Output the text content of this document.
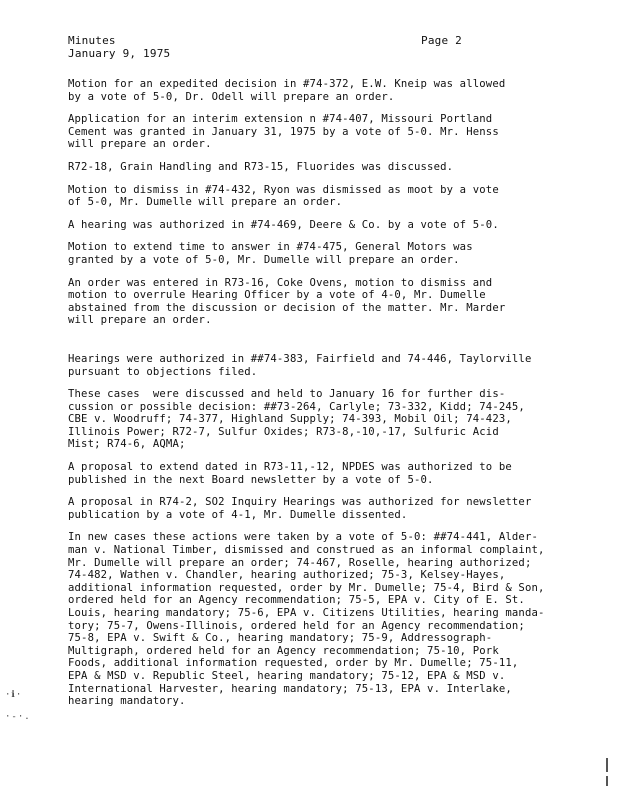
Minutes
January 9, 1975
Page 2

Motion for an expedited decision in #74-372, E.W. Kneip was allowed
by a vote of 5-0, Dr. Odell will prepare an order.

Application for an interim extension n #74-407, Missouri Portland
Cement was granted in January 31, 1975 by a vote of 5-0. Mr. Henss
will prepare an order.

R72-18, Grain Handling and R73-15, Fluorides was discussed.

Motion to dismiss in #74-432, Ryon was dismissed as moot by a vote
of 5-0, Mr. Dumelle will prepare an order.

A hearing was authorized in #74-469, Deere & Co. by a vote of 5-0.

Motion to extend time to answer in #74-475, General Motors was
granted by a vote of 5-0, Mr. Dumelle will prepare an order.

An order was entered in R73-16, Coke Ovens, motion to dismiss and
motion to overrule Hearing Officer by a vote of 4-0, Mr. Dumelle
abstained from the discussion or decision of the matter. Mr. Marder
will prepare an order.

Hearings were authorized in ##74-383, Fairfield and 74-446, Taylorville
pursuant to objections filed.

These cases  were discussed and held to January 16 for further dis-
cussion or possible decision: ##73-264, Carlyle; 73-332, Kidd; 74-245,
CBE v. Woodruff; 74-377, Highland Supply; 74-393, Mobil Oil; 74-423,
Illinois Power; R72-7, Sulfur Oxides; R73-8,-10,-17, Sulfuric Acid
Mist; R74-6, AQMA;

A proposal to extend dated in R73-11,-12, NPDES was authorized to be
published in the next Board newsletter by a vote of 5-0.

A proposal in R74-2, SO2 Inquiry Hearings was authorized for newsletter
publication by a vote of 4-1, Mr. Dumelle dissented.

In new cases these actions were taken by a vote of 5-0: ##74-441, Alder-
man v. National Timber, dismissed and construed as an informal complaint,
Mr. Dumelle will prepare an order; 74-467, Roselle, hearing authorized;
74-482, Wathen v. Chandler, hearing authorized; 75-3, Kelsey-Hayes,
additional information requested, order by Mr. Dumelle; 75-4, Bird & Son,
ordered held for an Agency recommendation; 75-5, EPA v. City of E. St.
Louis, hearing mandatory; 75-6, EPA v. Citizens Utilities, hearing manda-
tory; 75-7, Owens-Illinois, ordered held for an Agency recommendation;
75-8, EPA v. Swift & Co., hearing mandatory; 75-9, Addressograph-
Multigraph, ordered held for an Agency recommendation; 75-10, Pork
Foods, additional information requested, order by Mr. Dumelle; 75-11,
EPA & MSD v. Republic Steel, hearing mandatory; 75-12, EPA & MSD v.
International Harvester, hearing mandatory; 75-13, EPA v. Interlake,
hearing mandatory.

·ℹ︎·
·-·.
